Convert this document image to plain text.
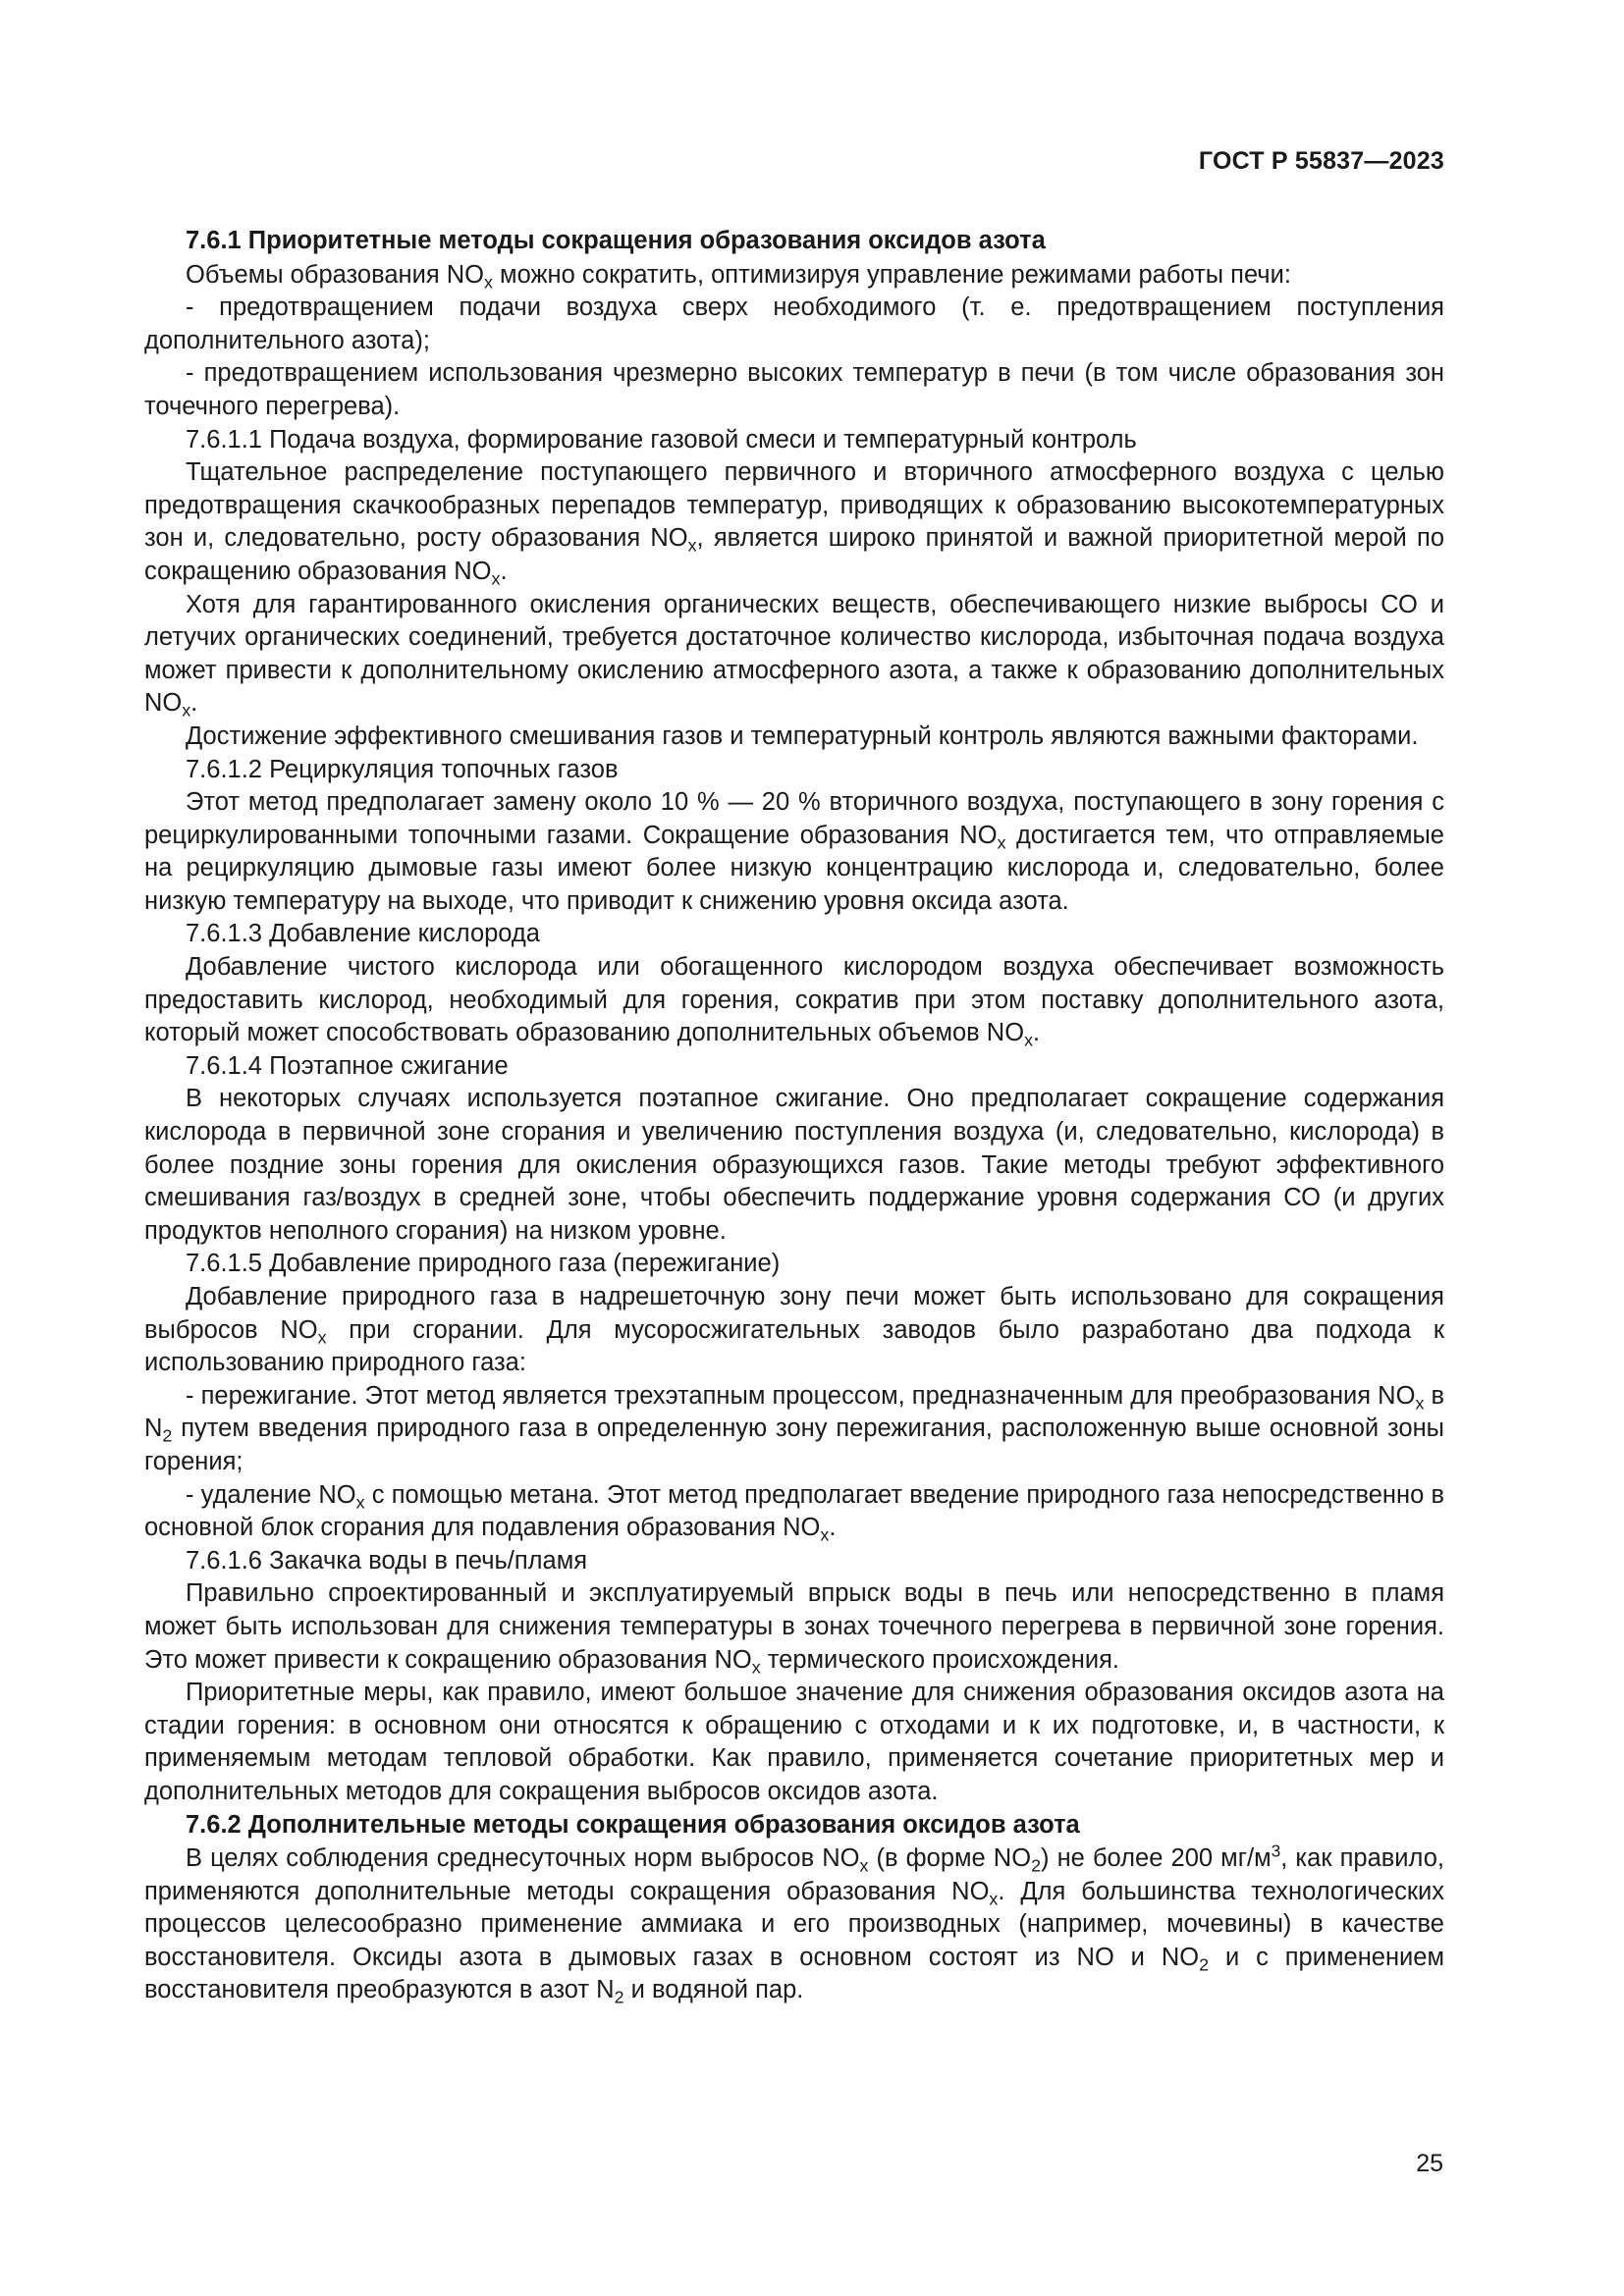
ГОСТ Р 55837—2023

7.6.1 Приоритетные методы сокращения образования оксидов азота

Объемы образования $NO_x$ можно сократить, оптимизируя управление режимами работы печи:

- предотвращением подачи воздуха сверх необходимого (т. е. предотвращением поступления дополнительного азота);

- предотвращением использования чрезмерно высоких температур в печи (в том числе образования зон точечного перегрева).

7.6.1.1 Подача воздуха, формирование газовой смеси и температурный контроль

Тщательное распределение поступающего первичного и вторичного атмосферного воздуха с целью предотвращения скачкообразных перепадов температур, приводящих к образованию высокотемпературных зон и, следовательно, росту образования $NO_x$, является широко принятой и важной приоритетной мерой по сокращению образования $NO_x$.

Хотя для гарантированного окисления органических веществ, обеспечивающего низкие выбросы СО и летучих органических соединений, требуется достаточное количество кислорода, избыточная подача воздуха может привести к дополнительному окислению атмосферного азота, а также к образованию дополнительных $NO_x$.

Достижение эффективного смешивания газов и температурный контроль являются важными факторами.

7.6.1.2 Рециркуляция топочных газов

Этот метод предполагает замену около 10 % — 20 % вторичного воздуха, поступающего в зону горения с рециркулированными топочными газами. Сокращение образования $NO_x$ достигается тем, что отправляемые на рециркуляцию дымовые газы имеют более низкую концентрацию кислорода и, следовательно, более низкую температуру на выходе, что приводит к снижению уровня оксида азота.

7.6.1.3 Добавление кислорода

Добавление чистого кислорода или обогащенного кислородом воздуха обеспечивает возможность предоставить кислород, необходимый для горения, сократив при этом поставку дополнительного азота, который может способствовать образованию дополнительных объемов $NO_x$.

7.6.1.4 Поэтапное сжигание

В некоторых случаях используется поэтапное сжигание. Оно предполагает сокращение содержания кислорода в первичной зоне сгорания и увеличению поступления воздуха (и, следовательно, кислорода) в более поздние зоны горения для окисления образующихся газов. Такие методы требуют эффективного смешивания газ/воздух в средней зоне, чтобы обеспечить поддержание уровня содержания СО (и других продуктов неполного сгорания) на низком уровне.

7.6.1.5 Добавление природного газа (пережигание)

Добавление природного газа в надрешеточную зону печи может быть использовано для сокращения выбросов $NO_x$ при сгорании. Для мусоросжигательных заводов было разработано два подхода к использованию природного газа:

- пережигание. Этот метод является трехэтапным процессом, предназначенным для преобразования $NO_x$ в $N_2$ путем введения природного газа в определенную зону пережигания, расположенную выше основной зоны горения;

- удаление $NO_x$ с помощью метана. Этот метод предполагает введение природного газа непосредственно в основной блок сгорания для подавления образования $NO_x$.

7.6.1.6 Закачка воды в печь/пламя

Правильно спроектированный и эксплуатируемый впрыск воды в печь или непосредственно в пламя может быть использован для снижения температуры в зонах точечного перегрева в первичной зоне горения. Это может привести к сокращению образования $NO_x$ термического происхождения.

Приоритетные меры, как правило, имеют большое значение для снижения образования оксидов азота на стадии горения: в основном они относятся к обращению с отходами и к их подготовке, и, в частности, к применяемым методам тепловой обработки. Как правило, применяется сочетание приоритетных мер и дополнительных методов для сокращения выбросов оксидов азота.

7.6.2 Дополнительные методы сокращения образования оксидов азота

В целях соблюдения среднесуточных норм выбросов $NO_x$ (в форме $NO_2$) не более 200 $мг/м^3$, как правило, применяются дополнительные методы сокращения образования $NO_x$. Для большинства технологических процессов целесообразно применение аммиака и его производных (например, мочевины) в качестве восстановителя. Оксиды азота в дымовых газах в основном состоят из NO и $NO_2$ и с применением восстановителя преобразуются в азот $N_2$ и водяной пар.

25
